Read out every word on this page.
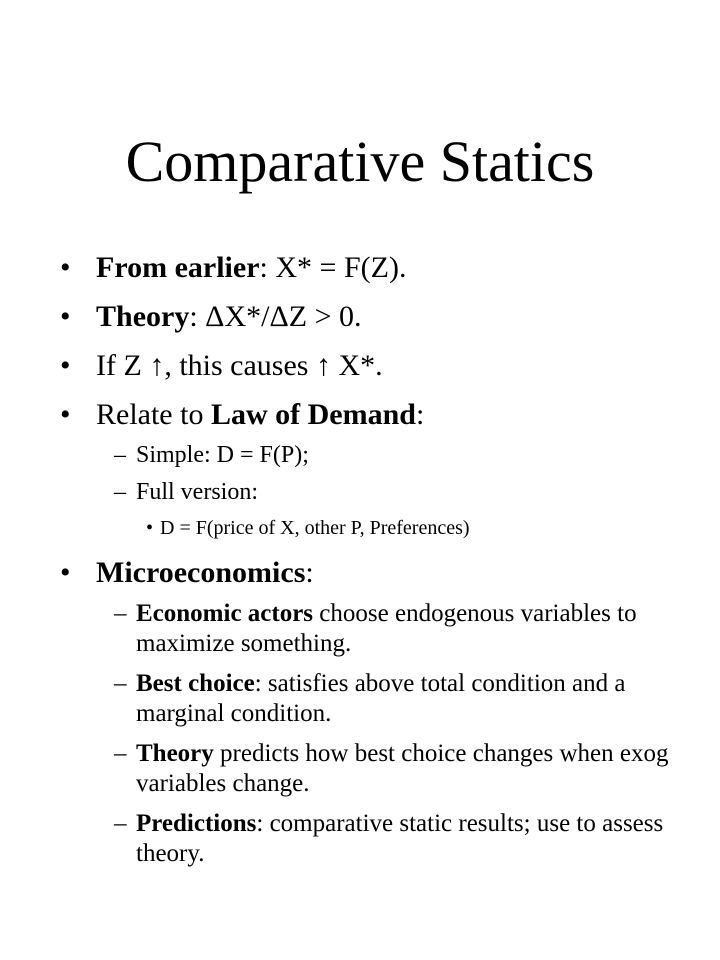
Comparative Statics
• From earlier: X* = F(Z).
• Theory: ΔX*/ΔZ > 0.
• If Z ↑, this causes ↑ X*.
• Relate to Law of Demand:
– Simple: D = F(P);
– Full version:
• D = F(price of X, other P, Preferences)
• Microeconomics:
– Economic actors choose endogenous variables to maximize something.
– Best choice: satisfies above total condition and a marginal condition.
– Theory predicts how best choice changes when exog variables change.
– Predictions: comparative static results; use to assess theory.
